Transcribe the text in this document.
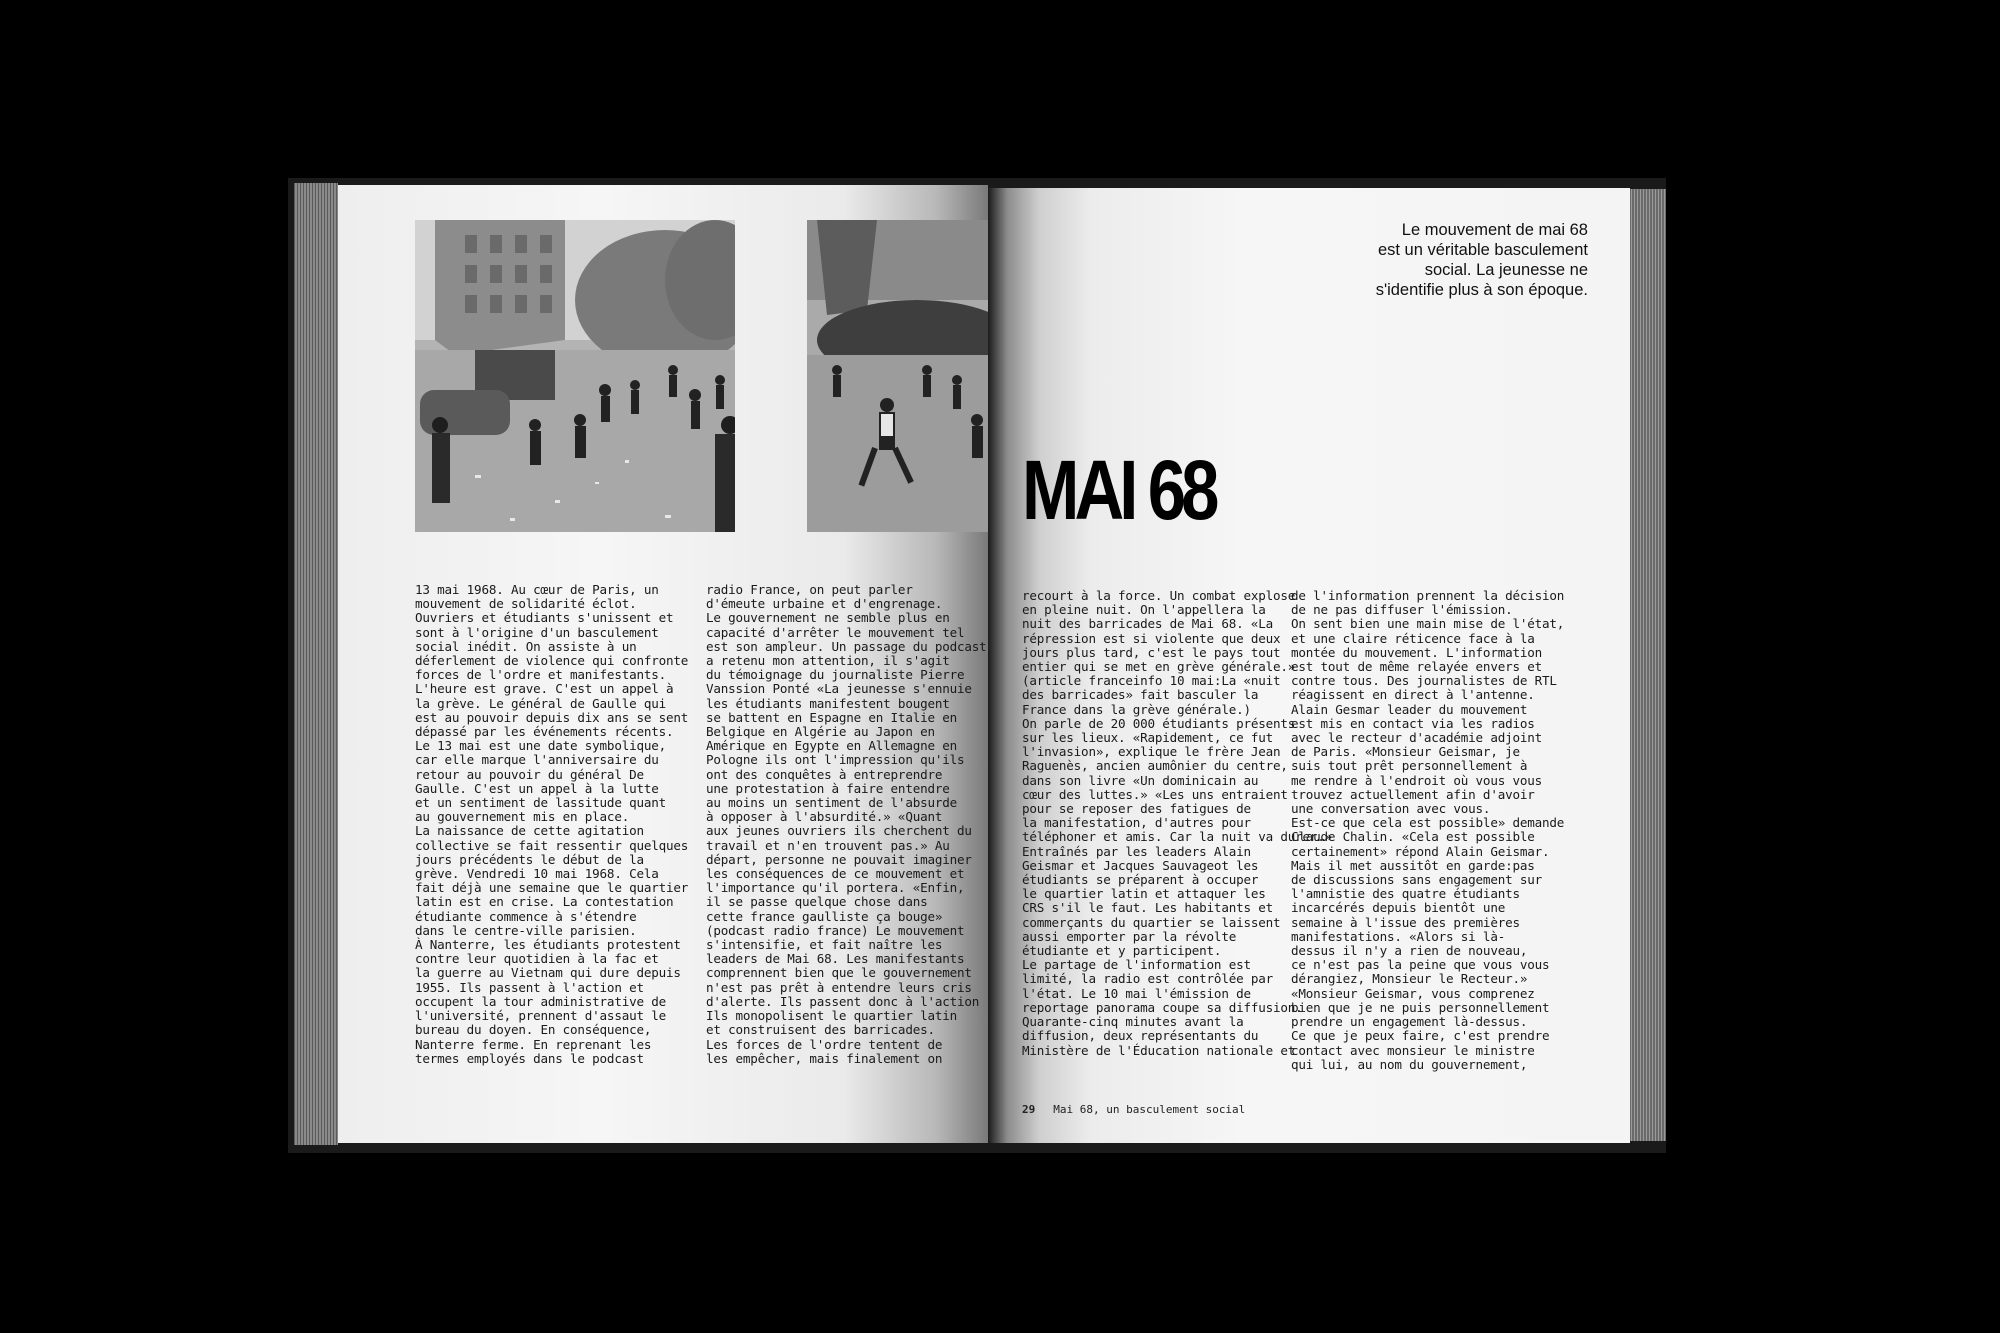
13 mai 1968. Au cœur de Paris, un
mouvement de solidarité éclot.
Ouvriers et étudiants s'unissent et
sont à l'origine d'un basculement
social inédit. On assiste à un
déferlement de violence qui confronte
forces de l'ordre et manifestants.
L'heure est grave. C'est un appel à
la grève. Le général de Gaulle qui
est au pouvoir depuis dix ans se sent
dépassé par les événements récents.
Le 13 mai est une date symbolique,
car elle marque l'anniversaire du
retour au pouvoir du général De
Gaulle. C'est un appel à la lutte
et un sentiment de lassitude quant
au gouvernement mis en place.
La naissance de cette agitation
collective se fait ressentir quelques
jours précédents le début de la
grève. Vendredi 10 mai 1968. Cela
fait déjà une semaine que le quartier
latin est en crise. La contestation
étudiante commence à s'étendre
dans le centre-ville parisien.
À Nanterre, les étudiants protestent
contre leur quotidien à la fac et
la guerre au Vietnam qui dure depuis
1955. Ils passent à l'action et
occupent la tour administrative de
l'université, prennent d'assaut le
bureau du doyen. En conséquence,
Nanterre ferme. En reprenant les
termes employés dans le podcast
radio France, on peut parler
d'émeute urbaine et d'engrenage.
Le gouvernement ne semble plus en
capacité d'arrêter le mouvement tel
est son ampleur. Un passage du podcast
a retenu mon attention, il s'agit
du témoignage du journaliste Pierre
Vanssion Ponté «La jeunesse s'ennuie
les étudiants manifestent bougent
se battent en Espagne en Italie en
Belgique en Algérie au Japon en
Amérique en Egypte en Allemagne en
Pologne ils ont l'impression qu'ils
ont des conquêtes à entreprendre
une protestation à faire entendre
au moins un sentiment de l'absurde
à opposer à l'absurdité.» «Quant
aux jeunes ouvriers ils cherchent du
travail et n'en trouvent pas.» Au
départ, personne ne pouvait imaginer
les conséquences de ce mouvement et
l'importance qu'il portera. «Enfin,
il se passe quelque chose dans
cette france gaulliste ça bouge»
(podcast radio france) Le mouvement
s'intensifie, et fait naître les
leaders de Mai 68. Les manifestants
comprennent bien que le gouvernement
n'est pas prêt à entendre leurs cris
d'alerte. Ils passent donc à l'action
Ils monopolisent le quartier latin
et construisent des barricades.
Les forces de l'ordre tentent de
les empêcher, mais finalement on
Le mouvement de mai 68
est un véritable basculement
social. La jeunesse ne
s'identifie plus à son époque.
MAI 68
recourt à la force. Un combat explose
en pleine nuit. On l'appellera la
nuit des barricades de Mai 68. «La
répression est si violente que deux
jours plus tard, c'est le pays tout
entier qui se met en grève générale.»
(article franceinfo 10 mai:La «nuit
des barricades» fait basculer la
France dans la grève générale.)
On parle de 20 000 étudiants présents
sur les lieux. «Rapidement, ce fut
l'invasion», explique le frère Jean
Raguenès, ancien aumônier du centre,
dans son livre «Un dominicain au
cœur des luttes.» «Les uns entraient
pour se reposer des fatigues de
la manifestation, d'autres pour
téléphoner et amis. Car la nuit va durer…»
Entraînés par les leaders Alain
Geismar et Jacques Sauvageot les
étudiants se préparent à occuper
le quartier latin et attaquer les
CRS s'il le faut. Les habitants et
commerçants du quartier se laissent
aussi emporter par la révolte
étudiante et y participent.
Le partage de l'information est
limité, la radio est contrôlée par
l'état. Le 10 mai l'émission de
reportage panorama coupe sa diffusion.
Quarante-cinq minutes avant la
diffusion, deux représentants du
Ministère de l'Éducation nationale et
de l'information prennent la décision
de ne pas diffuser l'émission.
On sent bien une main mise de l'état,
et une claire réticence face à la
montée du mouvement. L'information
est tout de même relayée envers et
contre tous. Des journalistes de RTL
réagissent en direct à l'antenne.
Alain Gesmar leader du mouvement
est mis en contact via les radios
avec le recteur d'académie adjoint
de Paris. «Monsieur Geismar, je
suis tout prêt personnellement à
me rendre à l'endroit où vous vous
trouvez actuellement afin d'avoir
une conversation avec vous.
Est-ce que cela est possible» demande
Claude Chalin. «Cela est possible
certainement» répond Alain Geismar.
Mais il met aussitôt en garde:pas
de discussions sans engagement sur
l'amnistie des quatre étudiants
incarcérés depuis bientôt une
semaine à l'issue des premières
manifestations. «Alors si là-
dessus il n'y a rien de nouveau,
ce n'est pas la peine que vous vous
dérangiez, Monsieur le Recteur.»
«Monsieur Geismar, vous comprenez
bien que je ne puis personnellement
prendre un engagement là-dessus.
Ce que je peux faire, c'est prendre
contact avec monsieur le ministre
qui lui, au nom du gouvernement,
29 Mai 68, un basculement social
